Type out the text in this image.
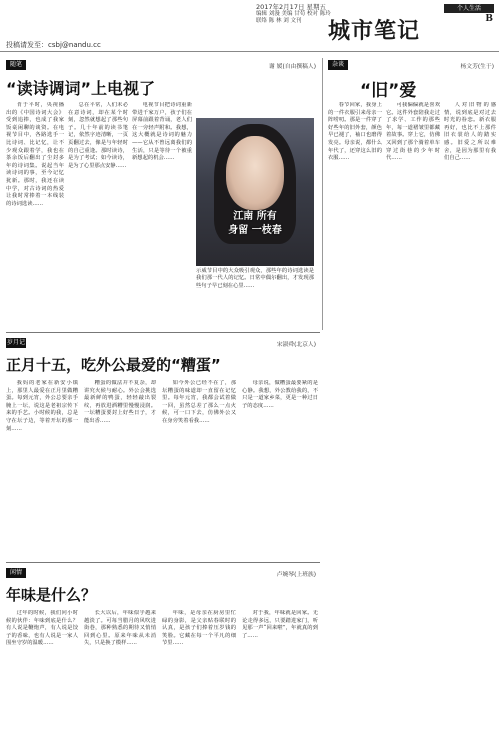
2017年2月17日 星期五
编辑 刘漫 美编 甘苟 校对 陈玲
联络 陈 林 刘 文刊
个人生活
B
城市笔记
投稿请发至：csbj@nandu.cc
随笔	谢 媛(自由撰稿人)
“读诗调词”上电视了

肯于平时，央视播出的《中国诗词大会》受到追捧，也成了我家饭桌闲聊的谈资。在电视节目中，各路选手一比诗词、比记忆，让不少观众跟着学，我也在茶余饭后翻出了尘封多年的诗词集。说起当年读诗词的事，至今记忆犹新。那时，我还在读中学，对古诗词的热爱让我时常捧着一本线装的诗词选读……

总在平常，人们未必在意诗词，却在某个时刻，忽然就想起了那些句子。几十年前的读书笔记，依然字迹清晰，一页页翻过去，像是与年轻时的自己重逢。那时读诗，是为了考试；如今读诗，是为了心里那点安静……

电视节目把诗词重新带进千家万户，孩子们在屏幕前跟着背诵，老人们在一旁轻声附和。我想，这大概就是诗词的魅力——它从不曾远离我们的生活，只是等待一个被重新想起的机会……

江南 所有
身留 一枝春
示威节目中的大众吸引观众，那些年的诗词选读是我们那一代人的记忆。日常中偶尔翻出，才发现那些句子早已刻在心里……
杂谈	杨文芳(生于)
“旧”爱

春节回家，我身上的一件衣服引来母亲一阵唠叨。那是一件穿了好些年的旧外套，颜色早已褪了，袖口也磨得发亮。母亲说，都什么年代了，还穿这么旧的衣服……

可我偏偏就是喜欢它。这件外套陪我走过了求学、工作的那些年，每一道褶皱里都藏着故事。穿上它，仿佛又回到了那个骑着单车穿过街巷的少年时代……

人对旧物的感情，说到底是对过去时光的眷恋。新衣服再好，也比不上那件旧衣裳给人的踏实感。旧爱之所以难舍，是因为那里有我们自己……

岁月记	宋淑舜(北京人)
正月十五，吃外公最爱的“糟蛋”

我妈的老家在新安小镇上，那里人最爱在正月里做糟蛋。每到元宵，外公总要亲手腌上一坛，说这是老祖宗传下来的手艺。小时候的我，总是守在坛子边，等着开坛的那一刻……

糟蛋的做法并不复杂，却讲究火候与耐心。外公会挑选最新鲜的鸭蛋，轻轻敲出裂纹，再放进酒糟里慢慢浸润。一坛糟蛋要封上好些日子，才能出香……

如今外公已经不在了，那坛糟蛋的味道却一直留在记忆里。每年元宵，我都会试着做一回，虽然总差了那么一点火候，可一口下去，仿佛外公又在身旁笑着看我……

母亲说，做糟蛋最要紧的是心静。我想，外公教给我的，不只是一道家乡菜，更是一种过日子的态度……

闲情	卢婉琴(上班族)
年味是什么？

过年的时候，我们问小时候的伙伴：年味到底是什么？有人说是鞭炮声，有人说是饺子的香味，也有人说是一家人围坐守岁的温暖……

长大以后，年味似乎越来越淡了。可每当腊月的风吹进街巷，那种熟悉的期待又悄悄回到心里。原来年味从未消失，只是换了模样……

年味，是母亲在厨房里忙碌的身影，是父亲贴春联时的认真，是孩子们捧着压岁钱的笑脸。它藏在每一个平凡的细节里……

对于我，年味就是回家。无论走得多远，只要踏进家门，听见那一声“回来啦”，年就真的到了……
